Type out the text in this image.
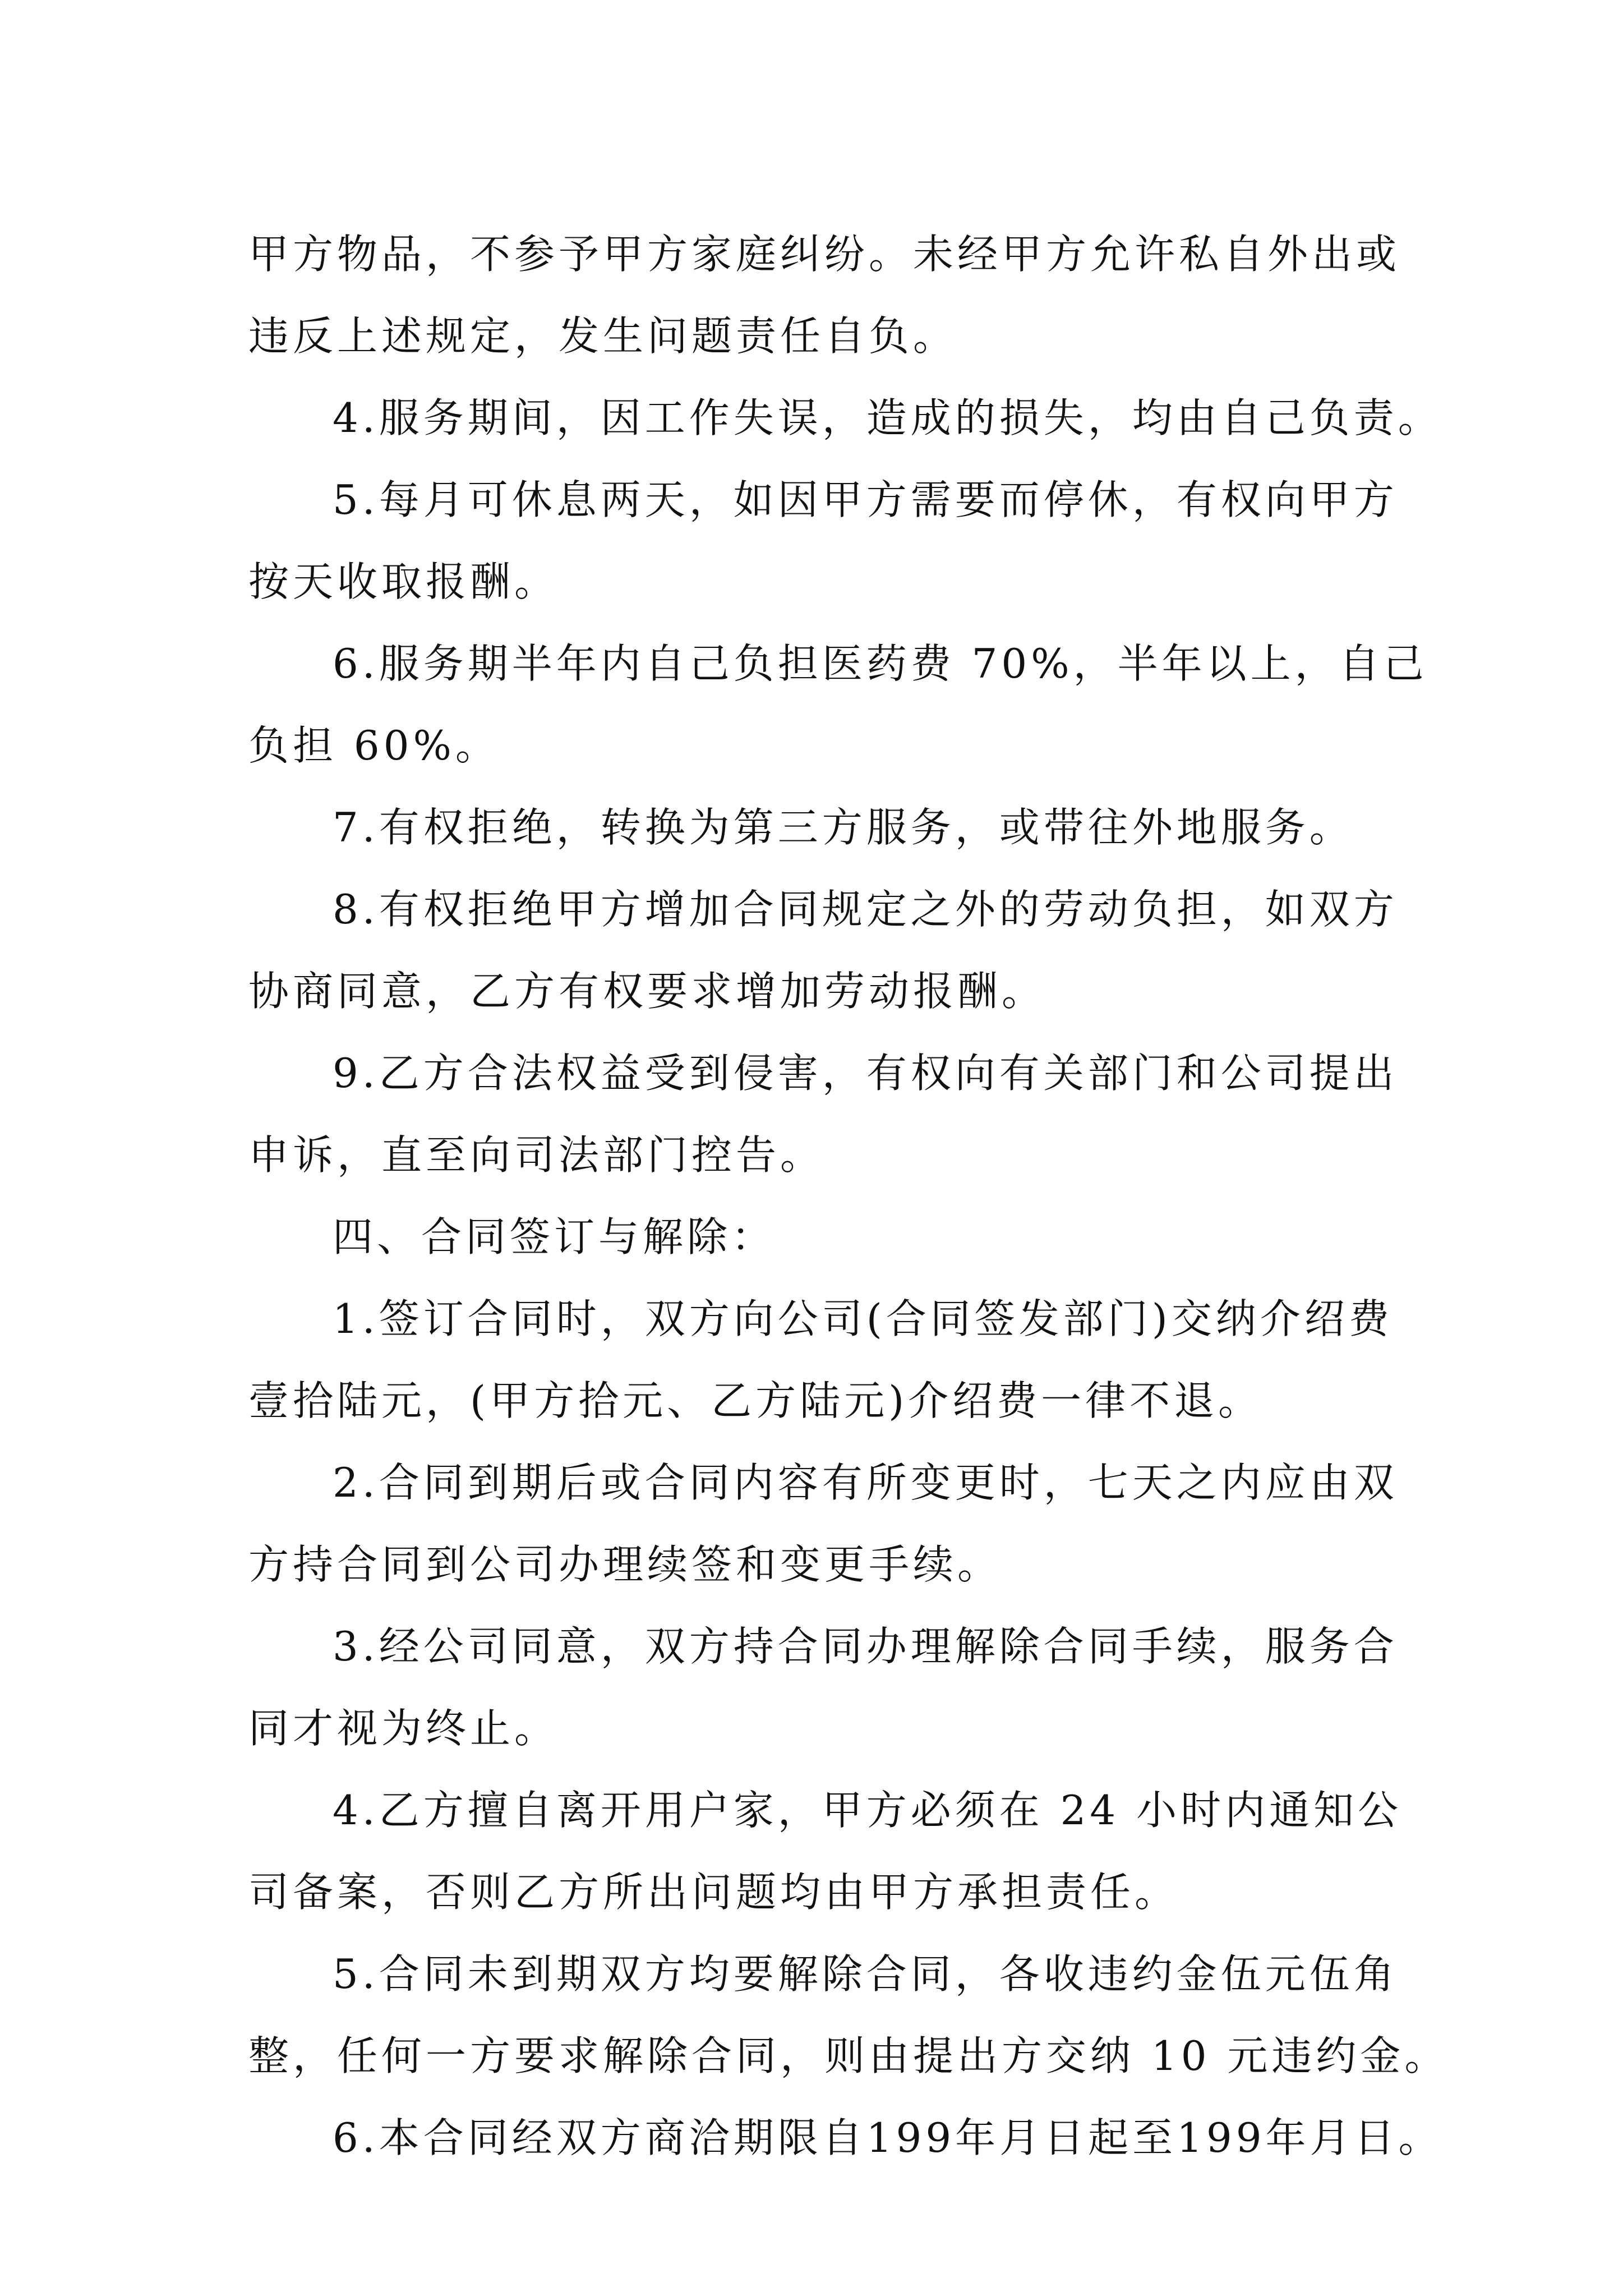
甲方物品，不参予甲方家庭纠纷。未经甲方允许私自外出或
违反上述规定，发生问题责任自负。
4.服务期间，因工作失误，造成的损失，均由自己负责。
5.每月可休息两天，如因甲方需要而停休，有权向甲方
按天收取报酬。
6.服务期半年内自己负担医药费 70%，半年以上，自己
负担 60%。
7.有权拒绝，转换为第三方服务，或带往外地服务。
8.有权拒绝甲方增加合同规定之外的劳动负担，如双方
协商同意，乙方有权要求增加劳动报酬。
9.乙方合法权益受到侵害，有权向有关部门和公司提出
申诉，直至向司法部门控告。
四、合同签订与解除：
1.签订合同时，双方向公司(合同签发部门)交纳介绍费
壹拾陆元，(甲方拾元、乙方陆元)介绍费一律不退。
2.合同到期后或合同内容有所变更时，七天之内应由双
方持合同到公司办理续签和变更手续。
3.经公司同意，双方持合同办理解除合同手续，服务合
同才视为终止。
4.乙方擅自离开用户家，甲方必须在 24 小时内通知公
司备案，否则乙方所出问题均由甲方承担责任。
5.合同未到期双方均要解除合同，各收违约金伍元伍角
整，任何一方要求解除合同，则由提出方交纳 10 元违约金。
6.本合同经双方商洽期限自199年月日起至199年月日。
